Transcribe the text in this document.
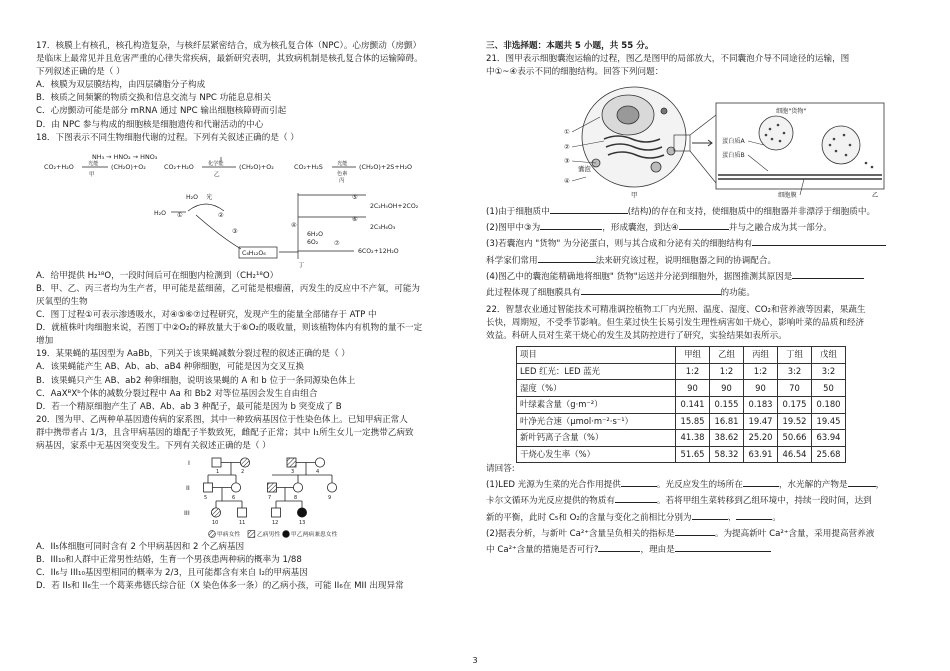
17．核膜上有核孔，核孔构造复杂，与核纤层紧密结合，成为核孔复合体（NPC）。心房颤动（房颤）

是临床上最常见并且危害严重的心律失常疾病，最新研究表明，其致病机制是核孔复合体的运输障碍。

下列叙述正确的是（ ）

A．核膜为双层膜结构，由四层磷脂分子构成

B．核质之间频繁的物质交换和信息交流与 NPC 功能息息相关

C．心房颤动可能是部分 mRNA 通过 NPC 输出细胞核障碍而引起

D．由 NPC 参与构成的细胞核是细胞遗传和代谢活动的中心

18．下图表示不同生物细胞代谢的过程。下列有关叙述正确的是（ ）

NH₃ → HNO₂ → HNO₃
CO₂+H₂O	光能
甲
(CH₂O)+O₂	CO₂+H₂O	化学能
乙
(CH₂O)+O₂	CO₂+H₂S	光能
色素
丙
(CH₂O)+2S+H₂O
H₂O 光
H₂O
C₆H₁₂O₆
2C₂H₅OH+2CO₂
2C₃H₆O₃
6H₂O
6O₂
6CO₂+12H₂O
丁
①	②
③
④
⑤
⑥
⑦

A．给甲提供 H₂¹⁸O，一段时间后可在细胞内检测到（CH₂¹⁸O）

B．甲、乙、丙三者均为生产者，甲可能是蓝细菌，乙可能是根瘤菌，丙发生的反应中不产氧，可能为

厌氧型的生物

C．图丁过程①可表示渗透吸水，对④⑤⑥⑦过程研究，发现产生的能量全部储存于 ATP 中

D．就植株叶肉细胞来说，若图丁中②O₂的释放量大于⑥O₂的吸收量，则该植物体内有机物的量不一定

增加

19．某果蝇的基因型为 AaBb，下列关于该果蝇减数分裂过程的叙述正确的是（ ）

A．该果蝇能产生 AB、Ab、ab、aB4 种卵细胞，可能是因为交叉互换

B．该果蝇只产生 AB、ab2 种卵细胞，说明该果蝇的 A 和 b 位于一条同源染色体上

C．AaXᴮXᵇ个体的减数分裂过程中 Aa 和 Bb2 对等位基因会发生自由组合

D．若一个精原细胞产生了 AB、Ab、ab 3 种配子，最可能是因为 b 突变成了 B

20．图为甲、乙两种单基因遗传病的家系图，其中一种致病基因位于性染色体上。已知甲病正常人

群中携带者占 1/3，且含甲病基因的雄配子半数致死，雌配子正常；其中 I₁所生女儿一定携带乙病致

病基因，家系中无基因突变发生。下列有关叙述正确的是（ ）

I
II
III
1	2	3	4
5	6	7	8	9
10	11	12	13
甲病女性	乙病男性 甲乙两病兼患女性

A．II₅体细胞可同时含有 2 个甲病基因和 2 个乙病基因

B．III₁₀和人群中正常男性结婚，生育一个男孩患两种病的概率为 1/88

C．II₆与 III₁₀基因型相同的概率为 2/3，且可能都含有来自 I₂的甲病基因

D．若 II₅和 II₆生一个葛莱弗德氏综合征（X 染色体多一条）的乙病小孩，可能 II₆在 MII 出现异常

三、非选择题：本题共 5 小题，共 55 分。

21．图甲表示细胞囊泡运输的过程，图乙是图甲的局部放大，不同囊泡介导不同途径的运输，图

中①~④表示不同的细胞结构。回答下列问题：

①
②
③
④
囊泡
甲
细胞"货物"
蛋白质A
蛋白质B
细胞膜	乙

(1)由于细胞质中	(结构)的存在和支持，使细胞质中的细胞器并非漂浮于细胞质中。

(2)图甲中③为	，形成囊泡，到达④	并与之融合成为其一部分。

(3)若囊泡内 "货物" 为分泌蛋白，则与其合成和分泌有关的细胞结构有

科学家们常用	法来研究该过程，说明细胞器之间的协调配合。

(4)图乙中的囊泡能精确地将细胞" 货物"运送并分泌到细胞外，据图推测其原因是

此过程体现了细胞膜具有	的功能。

22．智慧农业通过智能技术可精准调控植物工厂内光照、温度、湿度、CO₂和营养液等因素，果蔬生

长快，周期短，不受季节影响。但生菜过快生长易引发生理性病害如干烧心，影响叶菜的品质和经济

效益。科研人员对生菜干烧心的发生及其防控进行了研究，实验结果如表所示。

项目	甲组	乙组	丙组	丁组	戊组
LED 红光：LED 蓝光	1:2	1:2	1:2	3:2	3:2
湿度（%）	90	90	90	70	50
叶绿素含量（g·m⁻²）	0.141	0.155	0.183	0.175	0.180
叶净光合速（μmol·m⁻²·s⁻¹）	15.85	16.81	19.47	19.52	19.45
新叶钙离子含量（%）	41.38	38.62	25.20	50.66	63.94
干烧心发生率（%）	51.65	58.32	63.91	46.54	25.68

请回答:

(1)LED 光源为生菜的光合作用提供	。光反应发生的场所在	，水光解的产物是	，

卡尔文循环为光反应提供的物质有	。若将甲组生菜转移到乙组环境中，持续一段时间，达到

新的平衡，此时 C₅和 O₂的含量与变化之前相比分别为	、	。

(2)据表分析，与新叶 Ca²⁺含量呈负相关的指标是	。为提高新叶 Ca²⁺含量，采用提高营养液

中 Ca²⁺含量的措施是否可行?	，理由是

3
